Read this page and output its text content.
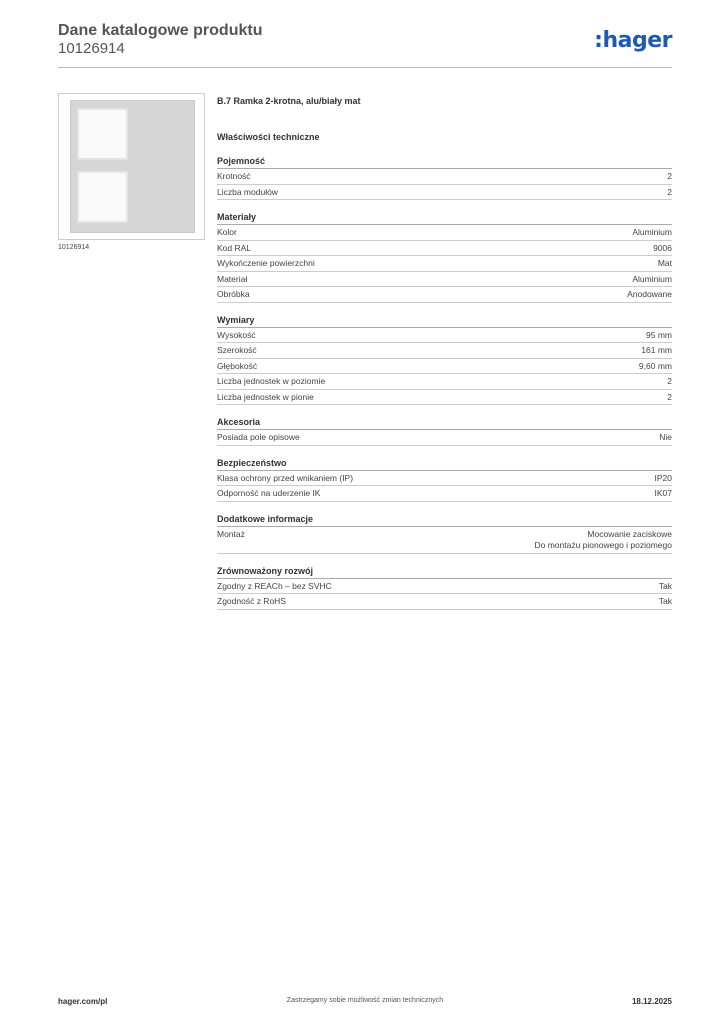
Dane katalogowe produktu
10126914	:hager
10126914
B.7 Ramka 2-krotna, alu/biały mat
Właściwości techniczne
Pojemność
Krotność	2
Liczba modułów	2
Materiały
Kolor	Aluminium
Kod RAL	9006
Wykończenie powierzchni	Mat
Materiał	Aluminium
Obróbka	Anodowane
Wymiary
Wysokość	95 mm
Szerokość	161 mm
Głębokość	9,60 mm
Liczba jednostek w poziomie	2
Liczba jednostek w pionie	2
Akcesoria
Posiada pole opisowe	Nie
Bezpieczeństwo
Klasa ochrony przed wnikaniem (IP)	IP20
Odporność na uderzenie IK	IK07
Dodatkowe informacje
Montaż	Mocowanie zaciskowe
Do montażu pionowego i poziomego
Zrównoważony rozwój
Zgodny z REACh – bez SVHC	Tak
Zgodność z RoHS	Tak
hager.com/pl	Zastrzegamy sobie możliwość zmian technicznych	18.12.2025
